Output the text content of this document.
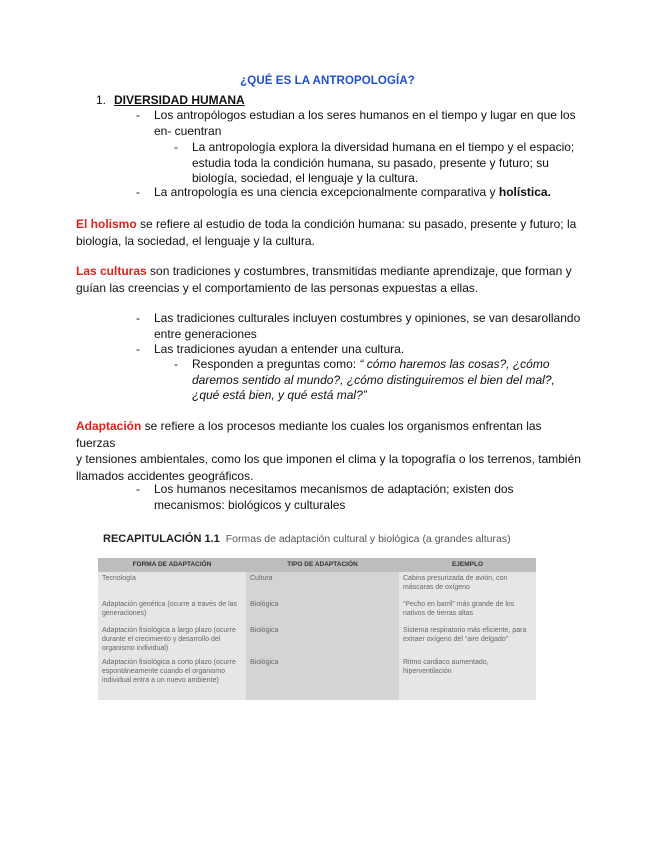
¿QUÉ ES LA ANTROPOLOGÍA?
1. DIVERSIDAD HUMANA
- Los antropólogos estudian a los seres humanos en el tiempo y lugar en que los
en- cuentran
- La antropología explora la diversidad humana en el tiempo y el espacio;
estudia toda la condición humana, su pasado, presente y futuro; su
biología, sociedad, el lenguaje y la cultura.
- La antropología es una ciencia excepcionalmente comparativa y holística.
El holismo se refiere al estudio de toda la condición humana: su pasado, presente y futuro; la
biología, la sociedad, el lenguaje y la cultura.
Las culturas son tradiciones y costumbres, transmitidas mediante aprendizaje, que forman y
guían las creencias y el comportamiento de las personas expuestas a ellas.
- Las tradiciones culturales incluyen costumbres y opiniones, se van desarollando
entre generaciones
- Las tradiciones ayudan a entender una cultura.
- Responden a preguntas como: “ cómo haremos las cosas?, ¿cómo
daremos sentido al mundo?, ¿cómo distinguiremos el bien del mal?,
¿qué está bien, y qué está mal?”
Adaptación se refiere a los procesos mediante los cuales los organismos enfrentan las fuerzas
y tensiones ambientales, como los que imponen el clima y la topografía o los terrenos, también
llamados accidentes geográficos.
- Los humanos necesitamos mecanismos de adaptación; existen dos
mecanismos: biológicos y culturales
RECAPITULACIÓN 1.1 Formas de adaptación cultural y biológica (a grandes alturas)
FORMA DE ADAPTACIÓN	TIPO DE ADAPTACIÓN	EJEMPLO
Tecnología	Cultura	Cabina presurizada de avión, con máscaras de oxígeno
Adaptación genética (ocurre a través de las generaciones)	Biológica	“Pecho en barril” más grande de los nativos de tierras altas
Adaptación fisiológica a largo plazo (ocurre durante el crecimiento y desarrollo del organismo individual)	Biológica	Sistema respiratorio más eficiente, para extraer oxígeno del “aire delgado”
Adaptación fisiológica a corto plazo (ocurre espontáneamente cuando el organismo individual entra a un nuevo ambiente)	Biológica	Ritmo cardiaco aumentado, hiperventilación
